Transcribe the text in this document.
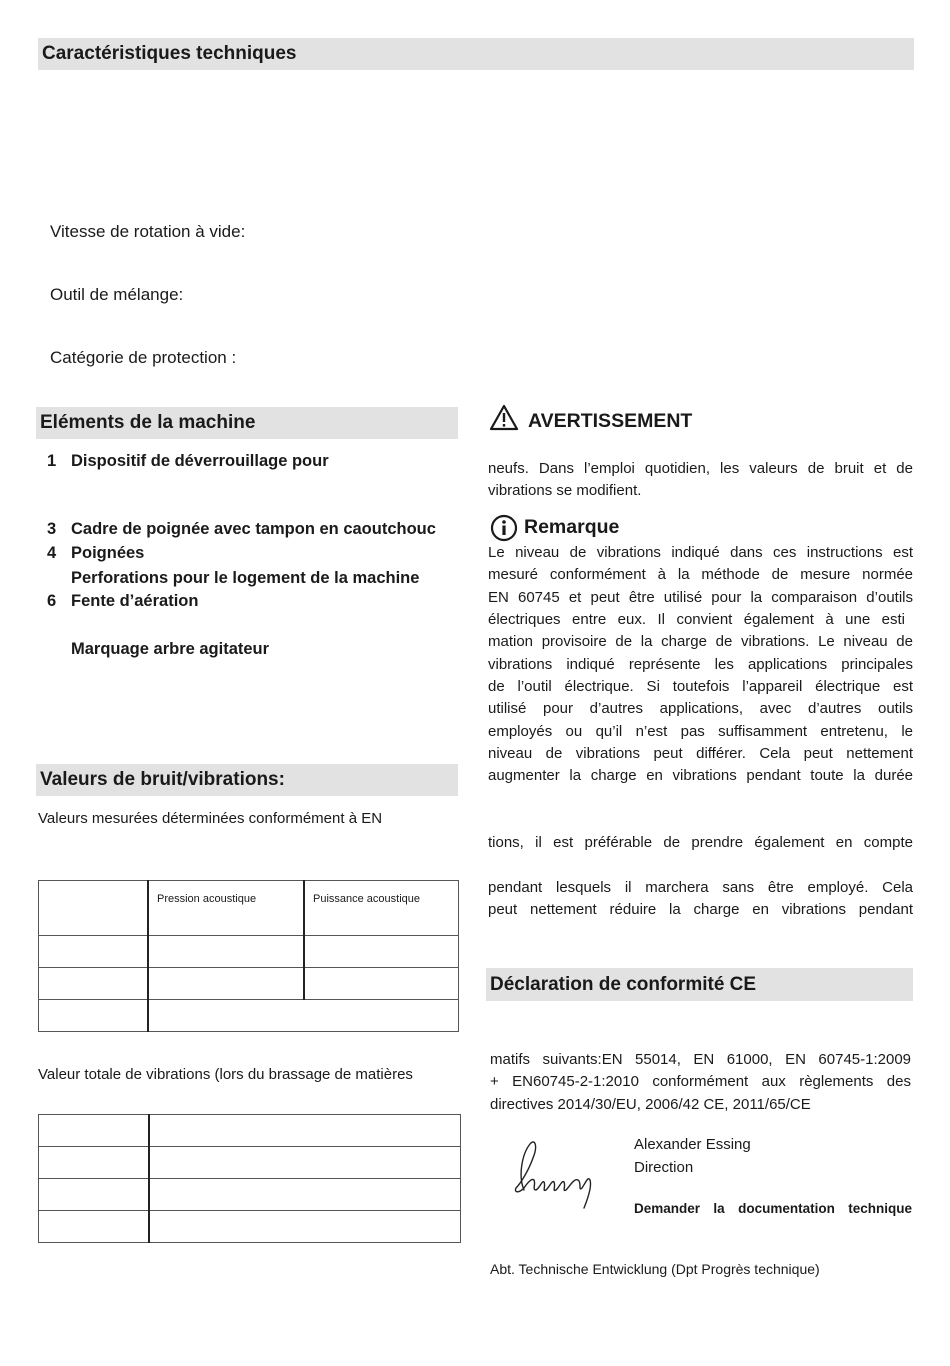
Caractéristiques techniques
Vitesse de rotation à vide:
Outil de mélange:
Catégorie de protection :
Eléments de la machine
1 Dispositif de déverrouillage pour
3 Cadre de poignée avec tampon en caoutchouc
4 Poignées
Perforations pour le logement de la machine
6 Fente d’aération
Marquage arbre agitateur
Valeurs de bruit/vibrations:
Valeurs mesurées déterminées conformément à EN
	Pression acoustique	Puissance acoustique

Valeur totale de vibrations (lors du brassage de matières

AVERTISSEMENT
neufs. Dans l’emploi quotidien, les valeurs de bruit et de
vibrations se modifient.
Remarque
Le niveau de vibrations indiqué dans ces instructions est
mesuré conformément à la méthode de mesure normée
EN 60745 et peut être utilisé pour la comparaison d’outils
électriques entre eux. Il convient également à une esti
mation provisoire de la charge de vibrations. Le niveau de
vibrations indiqué représente les applications principales
de l’outil électrique. Si toutefois l’appareil électrique est
utilisé pour d’autres applications, avec d’autres outils
employés ou qu’il n’est pas suffisamment entretenu, le
niveau de vibrations peut différer. Cela peut nettement
augmenter la charge en vibrations pendant toute la durée
tions, il est préférable de prendre également en compte
pendant lesquels il marchera sans être employé. Cela
peut nettement réduire la charge en vibrations pendant
Déclaration de conformité CE
matifs suivants:EN 55014, EN 61000, EN 60745-1:2009
+ EN60745-2-1:2010 conformément aux règlements des
directives 2014/30/EU, 2006/42 CE, 2011/65/CE
Alexander Essing
Direction
Demander la documentation technique
Abt. Technische Entwicklung (Dpt Progrès technique)
